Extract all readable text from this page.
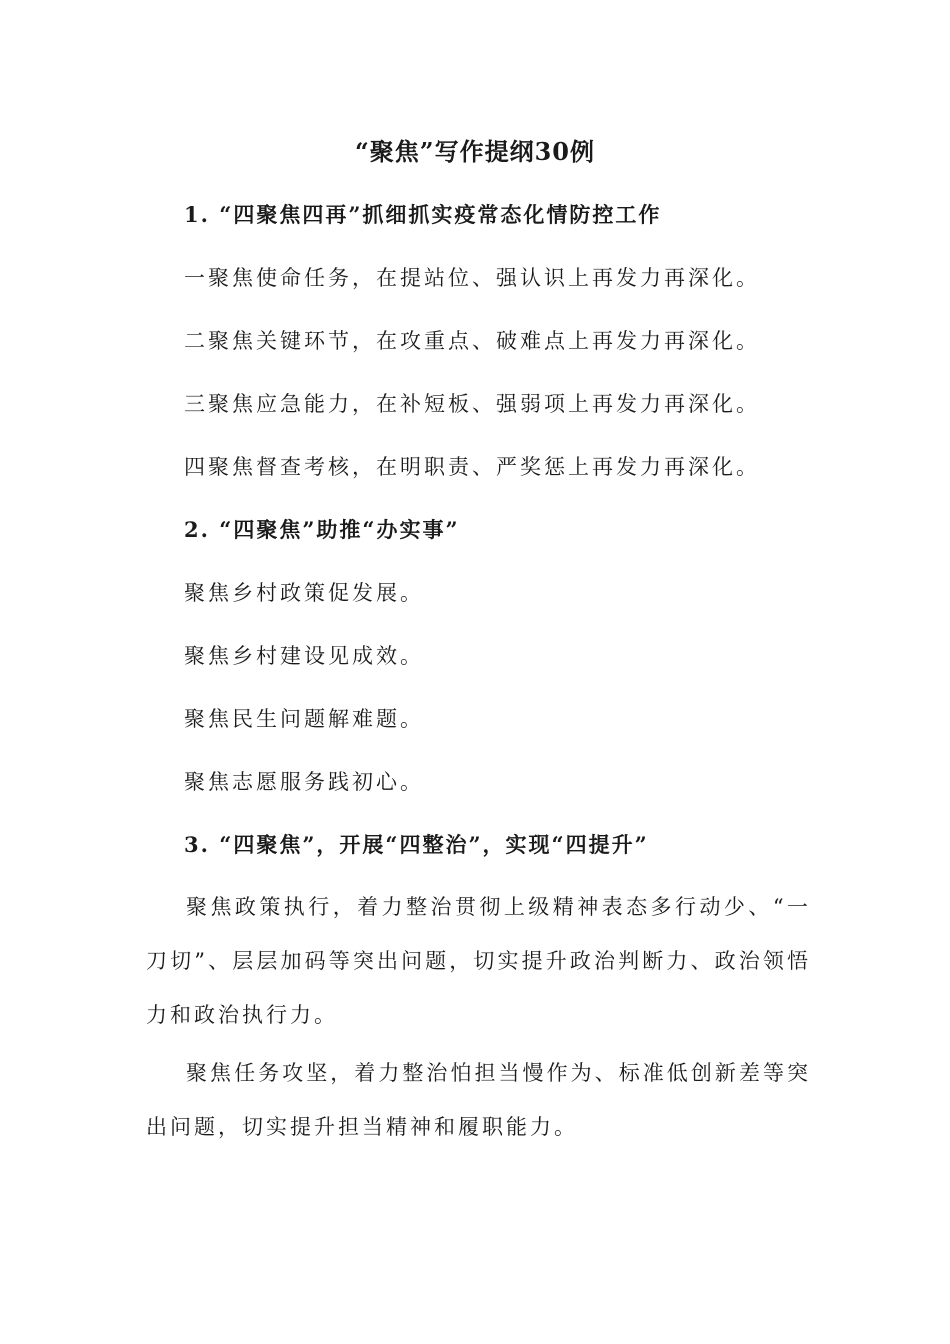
“聚焦”写作提纲30例
1. “四聚焦四再”抓细抓实疫常态化情防控工作
一聚焦使命任务，在提站位、强认识上再发力再深化。
二聚焦关键环节，在攻重点、破难点上再发力再深化。
三聚焦应急能力，在补短板、强弱项上再发力再深化。
四聚焦督查考核，在明职责、严奖惩上再发力再深化。
2. “四聚焦”助推“办实事”
聚焦乡村政策促发展。
聚焦乡村建设见成效。
聚焦民生问题解难题。
聚焦志愿服务践初心。
3. “四聚焦”，开展“四整治”，实现“四提升”
聚焦政策执行，着力整治贯彻上级精神表态多行动少、“一刀切”、层层加码等突出问题，切实提升政治判断力、政治领悟力和政治执行力。
聚焦任务攻坚，着力整治怕担当慢作为、标准低创新差等突出问题，切实提升担当精神和履职能力。
